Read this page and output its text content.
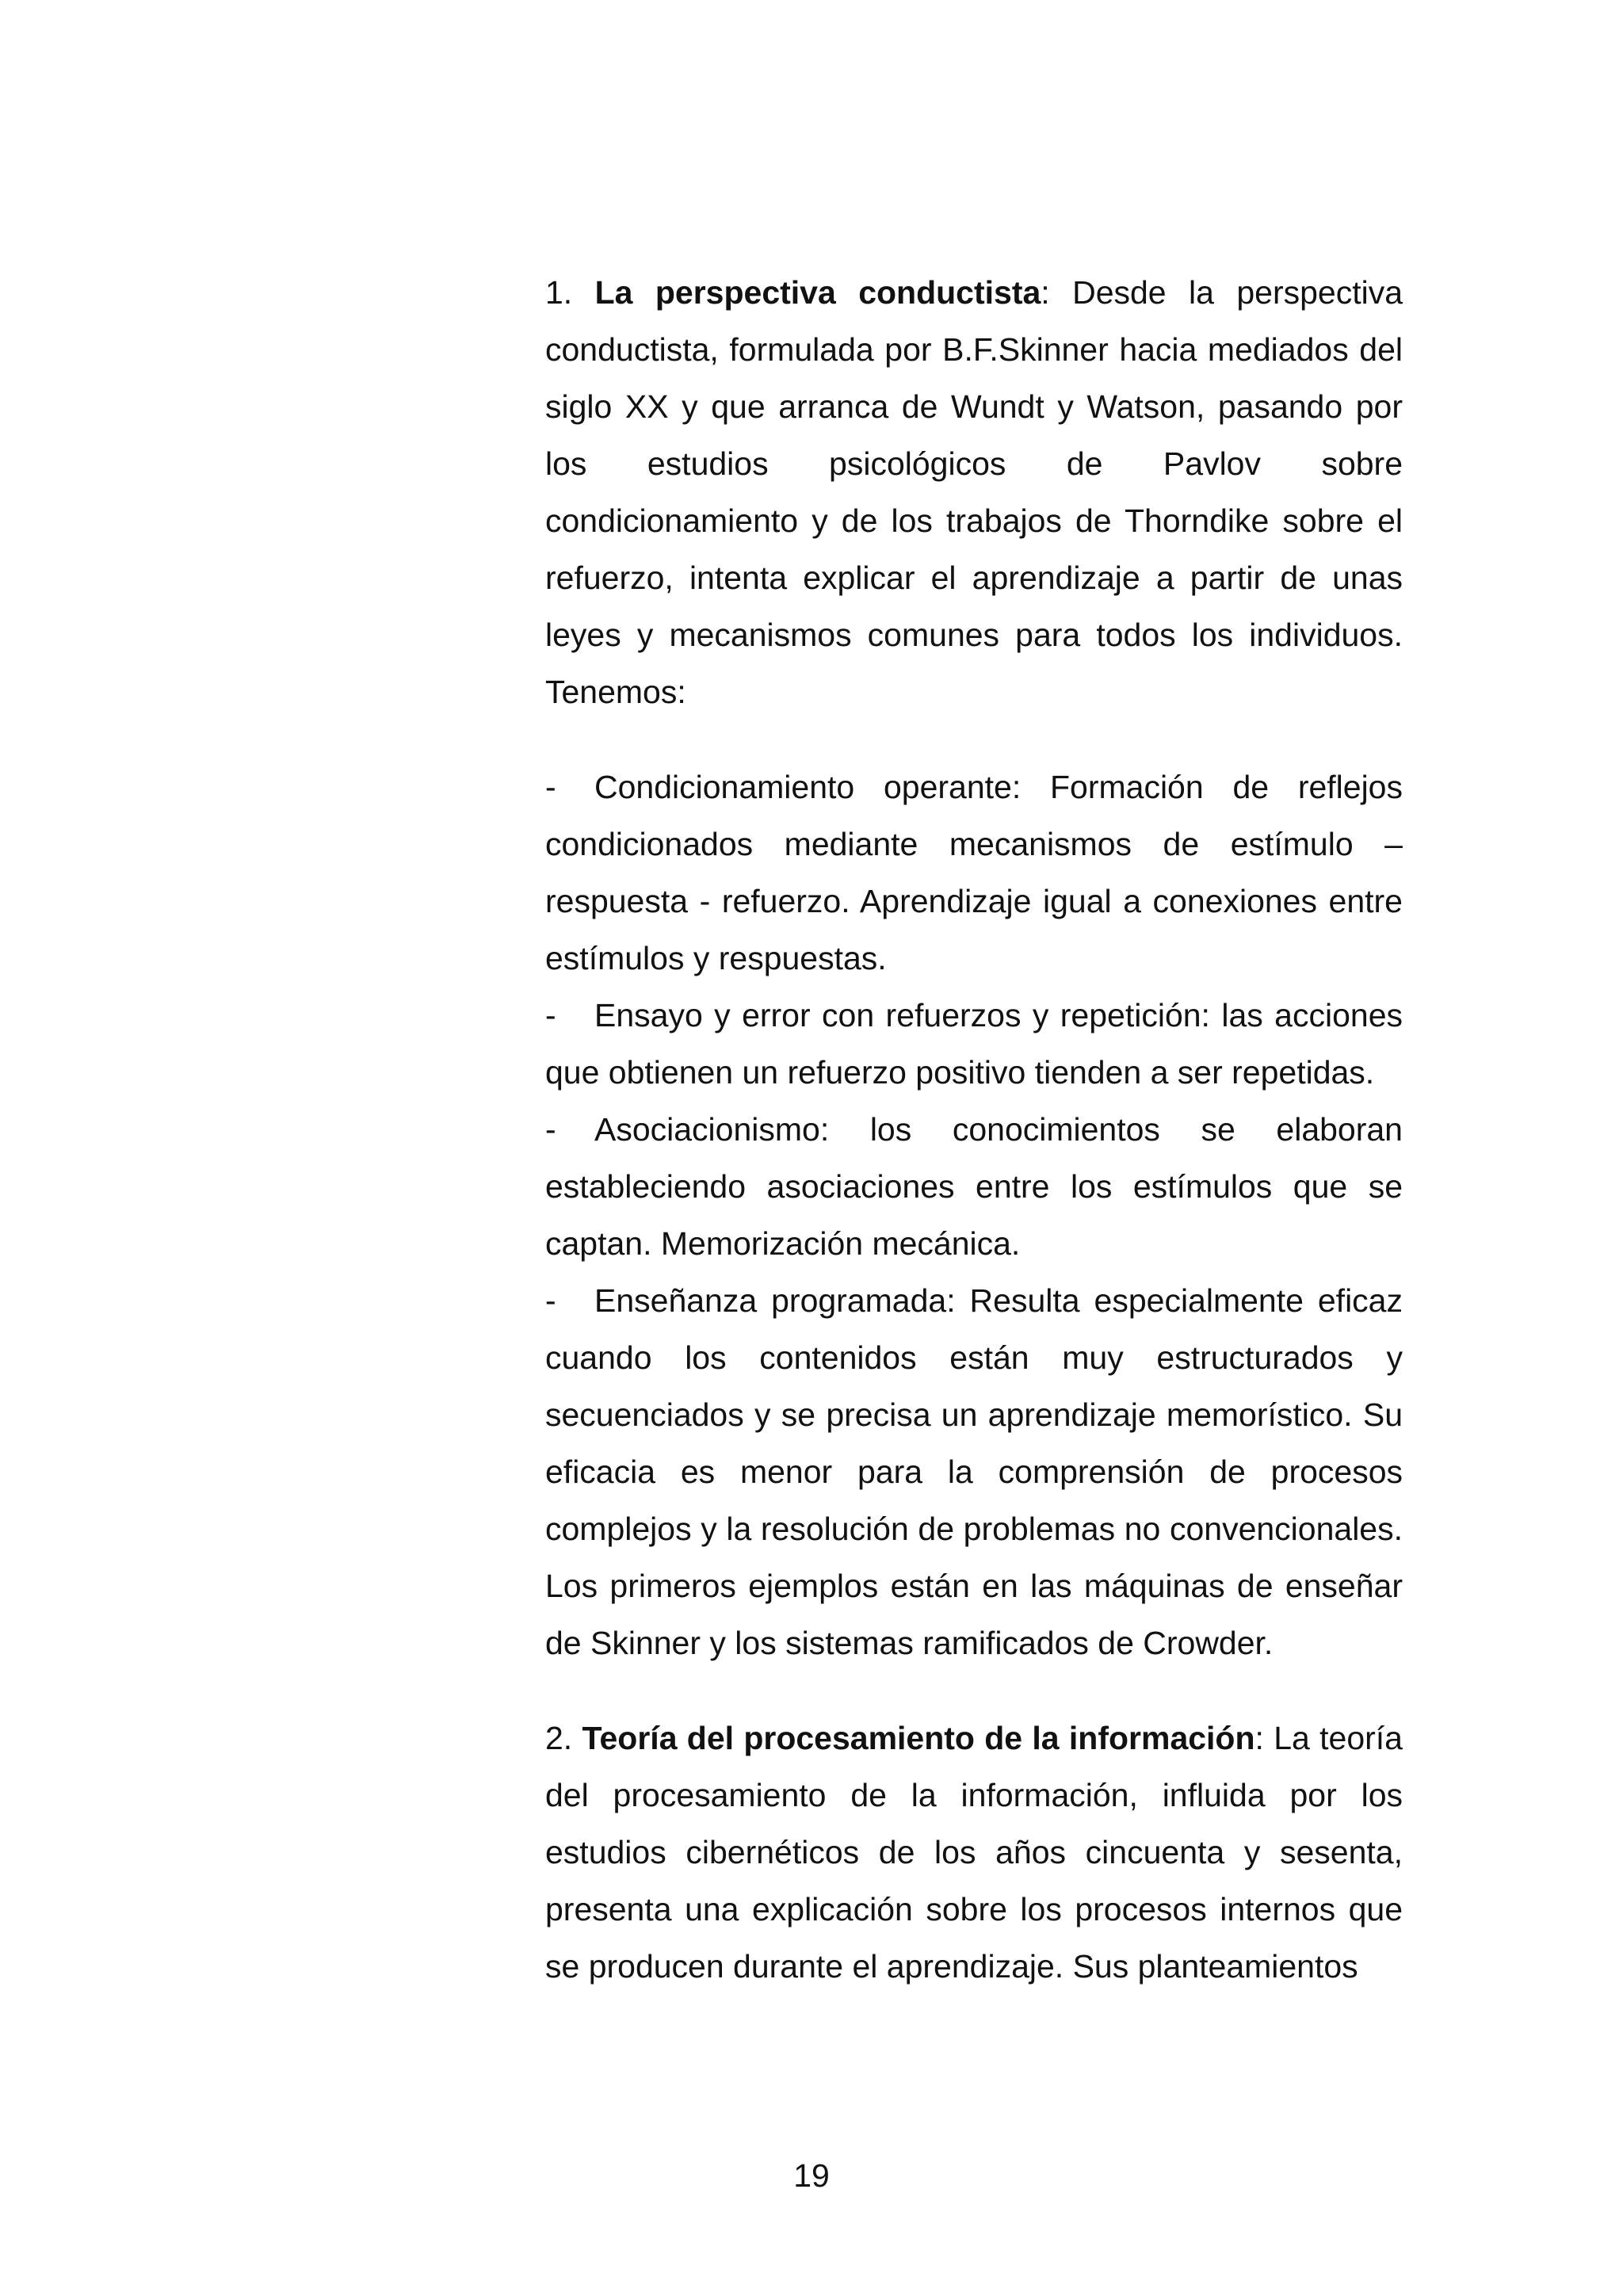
1. La perspectiva conductista: Desde la perspectiva conductista, formulada por B.F.Skinner hacia mediados del siglo XX y que arranca de Wundt y Watson, pasando por los estudios psicológicos de Pavlov sobre condicionamiento y de los trabajos de Thorndike sobre el refuerzo, intenta explicar el aprendizaje a partir de unas leyes y mecanismos comunes para todos los individuos. Tenemos:

- Condicionamiento operante: Formación de reflejos condicionados mediante mecanismos de estímulo – respuesta - refuerzo. Aprendizaje igual a conexiones entre estímulos y respuestas.

- Ensayo y error con refuerzos y repetición: las acciones que obtienen un refuerzo positivo tienden a ser repetidas.

- Asociacionismo: los conocimientos se elaboran estableciendo asociaciones entre los estímulos que se captan. Memorización mecánica.

- Enseñanza programada: Resulta especialmente eficaz cuando los contenidos están muy estructurados y secuenciados y se precisa un aprendizaje memorístico. Su eficacia es menor para la comprensión de procesos complejos y la resolución de problemas no convencionales. Los primeros ejemplos están en las máquinas de enseñar de Skinner y los sistemas ramificados de Crowder.

2. Teoría del procesamiento de la información: La teoría del procesamiento de la información, influida por los estudios cibernéticos de los años cincuenta y sesenta, presenta una explicación sobre los procesos internos que se producen durante el aprendizaje. Sus planteamientos

19
